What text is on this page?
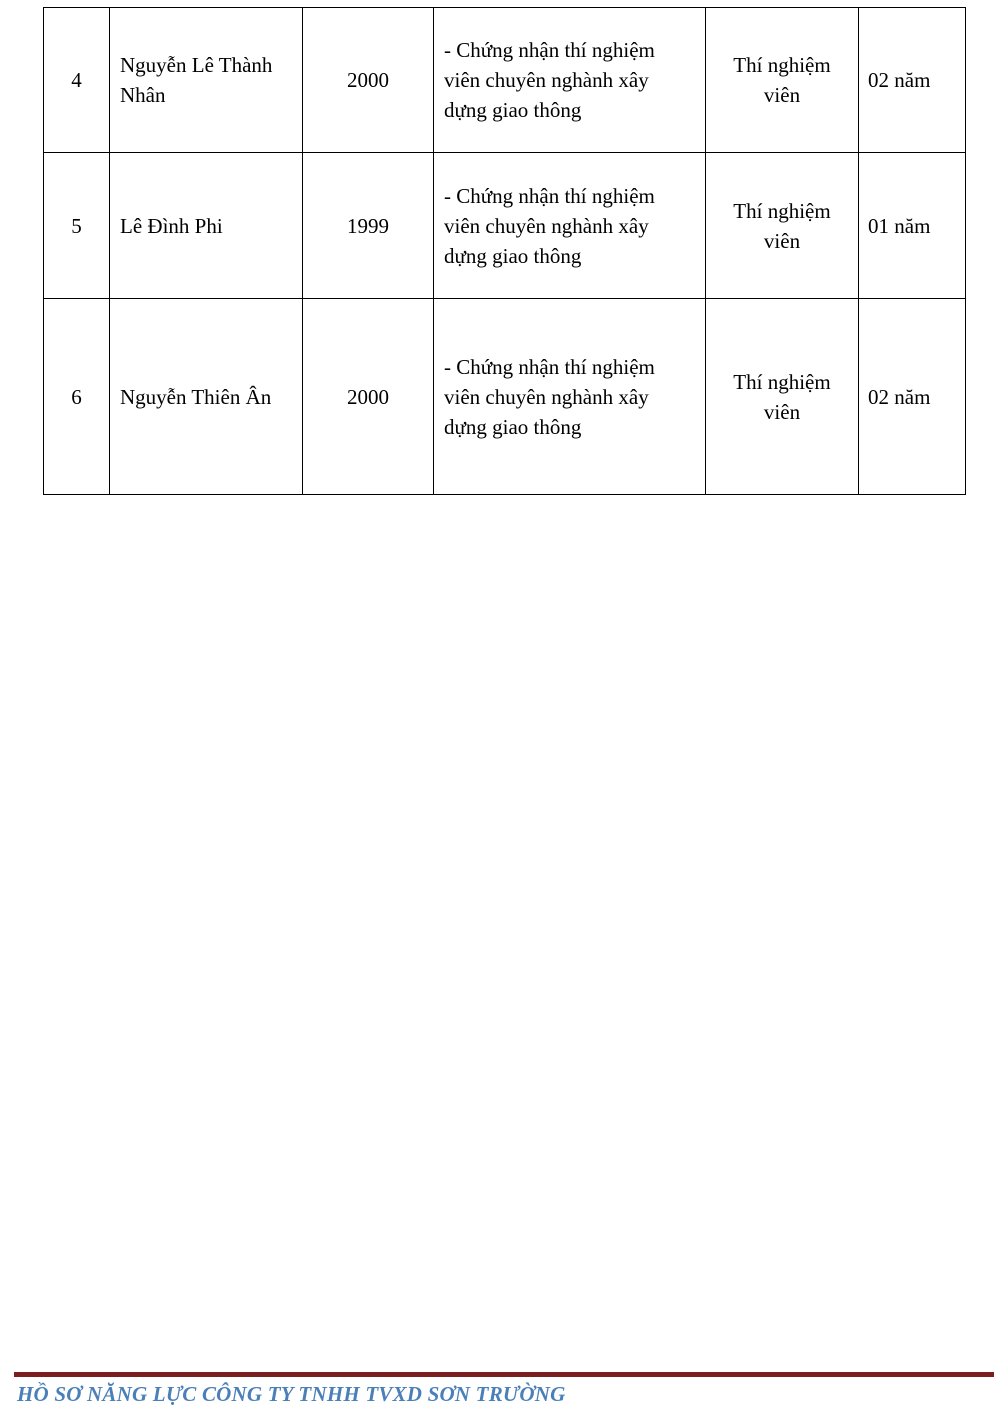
4	Nguyễn Lê Thành
Nhân	2000	- Chứng nhận thí nghiệm
viên chuyên nghành xây
dựng giao thông	Thí nghiệm
viên	02 năm
5	Lê Đình Phi	1999	- Chứng nhận thí nghiệm
viên chuyên nghành xây
dựng giao thông	Thí nghiệm
viên	01 năm
6	Nguyễn Thiên Ân	2000	- Chứng nhận thí nghiệm
viên chuyên nghành xây
dựng giao thông	Thí nghiệm
viên	02 năm
HỒ SƠ NĂNG LỰC CÔNG TY TNHH TVXD SƠN TRƯỜNG
